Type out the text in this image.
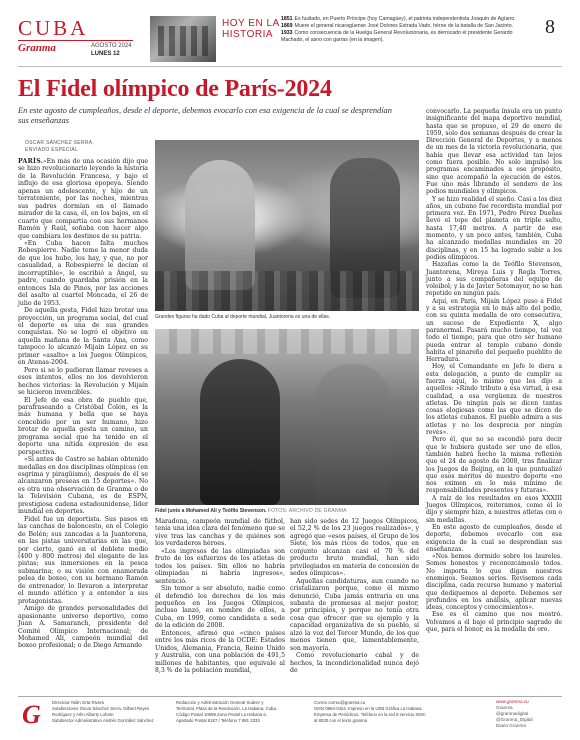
CUBA
Granma	AGOSTO 2024
LUNES 12
HOY EN LA
HISTORIA
1851 Es fusilado, en Puerto Príncipe (hoy Camagüey), el patriota independentista Joaquín de Agüero.
1869 Muere el general nicaragüense José Dolores Estrada Vado, héroe de la batalla de San Jacinto.
1933 Como consecuencia de la Huelga General Revolucionaria, es derrocado el presidente Gerardo Machado, el asno con garras (en la imagen).
8
El Fidel olímpico de París-2024
En este agosto de cumpleaños, desde el deporte, debemos evocarlo con esa exigencia de la cual se desprendían sus enseñanzas
OSCAR SÁNCHEZ SERRA,
ENVIADO ESPECIAL

PARÍS.–En más de una ocasión dijo que se hizo revolucionario leyendo la historia de la Revolución Francesa, y bajo el influjo de esa gloriosa epopeya. Siendo apenas un adolescente, y hijo de un terrateniente, por las noches, mientras sus padres dormían en el llamado mirador de la casa, él, en los bajos, en el cuarto que compartía con sus hermanos Ramón y Raúl, soñaba con hacer algo que cambiara los destinos de su patria.

«En Cuba hacen falta muchos Robespierre. Nadie teme la menor duda de que los hubo, los hay, y que, no por casualidad, a Robespierre le decían el incorruptible», le escribió a Ángel, su padre, cuando guardaba prisión en la entonces Isla de Pinos, por las acciones del asalto al cuartel Moncada, el 26 de julio de 1953.

De aquella gesta, Fidel hizo brotar una proyección, un programa social, del cual el deporte es una de sus grandes conquistas. No se logró el objetivo en aquella mañana de la Santa Ana, como tampoco lo alcanzó Mijaín López en su primer «asalto» a los Juegos Olímpicos, en Atenas-2004.

Pero si se lo pudieran llamar reveses a esos intentos, ellos no los devolvieron hechos victorias: la Revolución y Mijaín se hicieron invencibles.

El Jefe de esa obra de pueblo que, parafraseando a Cristóbal Colón, es la más humana y bella que se haya concebido por un ser humano, hizo brotar de aquella gesta un camino, un programa social que ha tenido en el deporte una nítida expresión de esa perspectiva.

«Si antes de Castro se habían obtenido medallas en dos disciplinas olímpicas (en esgrima y piragüismo), después de él se alcanzaron preseas en 15 deportes». No es otra una observación de Granma o de la Televisión Cubana, es de ESPN, prestigiosa cadena estadounidense, líder mundial en deportes.

Fidel fue un deportista. Sus pasos en las canchas de baloncesto, en el Colegio de Belén; sus zancadas a la Juantorena, en las pistas universitarias en las que, por cierto, ganó en el doblete medio (400 y 800 metros) del elegante de las pistas; sus inmersiones en la pesca submarina; o su visión con enamorada pelea de boxeo, con su hermano Ramón de entrenador, lo llevaron a interpretar el mundo atlético y a entender a sus protagonistas.

Amigo de grandes personalidades del apasionante universo deportivo, como Juan A. Samaranch, presidente del Comité Olímpico Internacional; de Mohamed Alí, campeón mundial del boxeo profesional; o de Diego Armando

Grandes figuras ha dado Cuba al deporte mundial, Juantorena es una de ellas.
Fidel junto a Mohamed Alí y Teófilo Stevenson. FOTOS: ARCHIVO DE GRANMA

Maradona, campeón mundial de fútbol, tenía una idea clara del fenómeno que se vive tras las canchas y de quiénes son los verdaderos héroes.

«Los ingresos de las olimpiadas son fruto de los esfuerzos de los atletas de todos los países. Sin ellos no habría olimpiadas ni habría ingresos», sentenció.

Sin temor a ser absoluto, nadie como él defendió los derechos de los más pequeños en los Juegos Olímpicos, incluso lanzó, en nombre de ellos, a Cuba, en 1999, como candidata a sede de la edición de 2008.

Entonces, afirmó que «cinco países entre los más ricos de la OCDE: Estados Unidos, Alemania, Francia, Reino Unido y Australia, con una población de 491,5 millones de habitantes, que equivale al 8,3 % de la población mundial,

han sido sedes de 12 Juegos Olímpicos, el 52,2 % de los 23 juegos realizados», y agregó que «esos países, el Grupo de los Siete, los más ricos de todos, que en conjunto alcanzan casi el 70 % del producto bruto mundial, han sido privilegiados en materia de concesión de sedes olímpicas».

Aquellas candidaturas, aun cuando no cristalizaron porque, como él mismo denunció, Cuba jamás entraría en una subasta de promesas al mejor postor, por principios, y porque no tenía otra cosa que ofrecer que su ejemplo y la capacidad organizativa de su pueblo, sí alzó la voz del Tercer Mundo, de los que menos tienen que, lamentablemente, son mayoría.

Como revolucionario cabal y de hechos, la incondicionalidad nunca dejó de

convocarlo. La pequeña ínsula era un punto insignificante del mapa deportivo mundial, hasta que se propuso, el 29 de enero de 1959, solo dos semanas después de crear la Dirección General de Deportes, y a menos de un mes de la victoria revolucionaria, que había que llevar esa actividad tan lejos como fuera posible. No solo impulsó los programas encaminados a ese propósito, sino que acompañó la ejecución de estos. Fue uno más librando el sendero de los podios mundiales y olímpicos.

Y se hizo realidad el sueño. Casi a los diez años, un cubano fue recordista mundial por primera vez. En 1971, Pedro Pérez Dueñas llevó el tope del planeta en triple salto, hasta 17,40 metros. A partir de ese momento, y un poco antes, también, Cuba ha alcanzado medallas mundiales en 20 disciplinas, y en 15 ha logrado subir a los podios olímpicos.

Hazañas como la de Teófilo Stevenson, Juantorena, Mireya Luis y Regla Torres, junto a sus compañeras del equipo de voleibol; y la de Javier Sotomayor, no se han repetido en ningún país.

Aquí, en París, Mijaín López puso a Fidel y a su estrategia en lo más alto del podio, con su quinta medalla de oro consecutiva, un suceso de Expediente X, algo paranormal. Pasará mucho tiempo, tal vez todo el tiempo, para que otro ser humano pueda entrar al templo cubano donde habita el pinareño del pequeño pueblito de Herradura.

Hoy, el Comandante en Jefe le diera a esta delegación, a punto de cumplir su fuerza aquí, lo mismo que les dijo a aquellos: «Rindo tributo a esa virtud, a esa cualidad, a esa vergüenza de nuestros atletas. De ningún país se dicen tantas cosas elogiosas como las que se dicen de los atletas cubanos. El pueblo admira a sus atletas y no los desprecia por ningún revés».

Pero él, que no se escondió para decir que le hubiera gustado ser uno de ellos, también habrá hecho la misma reflexión que el 24 de agosto de 2008, tras finalizar los Juegos de Beijing, en la que puntualizó que esos méritos de nuestro deporte «no nos eximen en lo más mínimo de responsabilidades presentes y futuras».

A raíz de los resultados en esos XXXIII Juegos Olímpicos, reiteramos, como él lo dijo y siempre hizo, a nuestros atletas con o sin medallas.

En este agosto de cumpleaños, desde el deporte, debemos evocarlo con esa exigencia de la cual se desprendían sus enseñanzas.

«Nos hemos dormido sobre los laureles. Somos honestos y reconozcámoslo todos. No importa lo que digan nuestros enemigos. Seamos serios. Revisemos cada disciplina, cada recurso humano y material que dediquemos al deporte. Debemos ser profundos en los análisis, aplicar nuevas ideas, conceptos y conocimientos».

Ese es el camino que nos mostró. Volvamos a él bajo el principio sagrado de que, para el honor, es la medalla de oro.

G	Directora Yailin Orta Rivera
Subdirectores Oscar Sánchez Serra, Gilbert Reyes
Rodríguez y Arlin Alberty Loforte
Subdirector Administrativo Andrés González Sánchez
Redacción y Administración General Suárez y
Territorial, Plaza de la Revolución, La Habana, Cuba.
Código Postal 10699 Zona Postal La Habana 6.
Apartado Postal 6187 / Teléfono 7 881 3333
Correo correo@granma.cu
ISSN 0864-0424. Impreso en la UEB Gráfica La Habana.
Empresa de Periódicos. Teléfono en la red 8 servicio SMS:
al 8030 con el texto granma
www.granma.cu
Granma
@granmadigital
@Granma_Digital
Diario Granma
